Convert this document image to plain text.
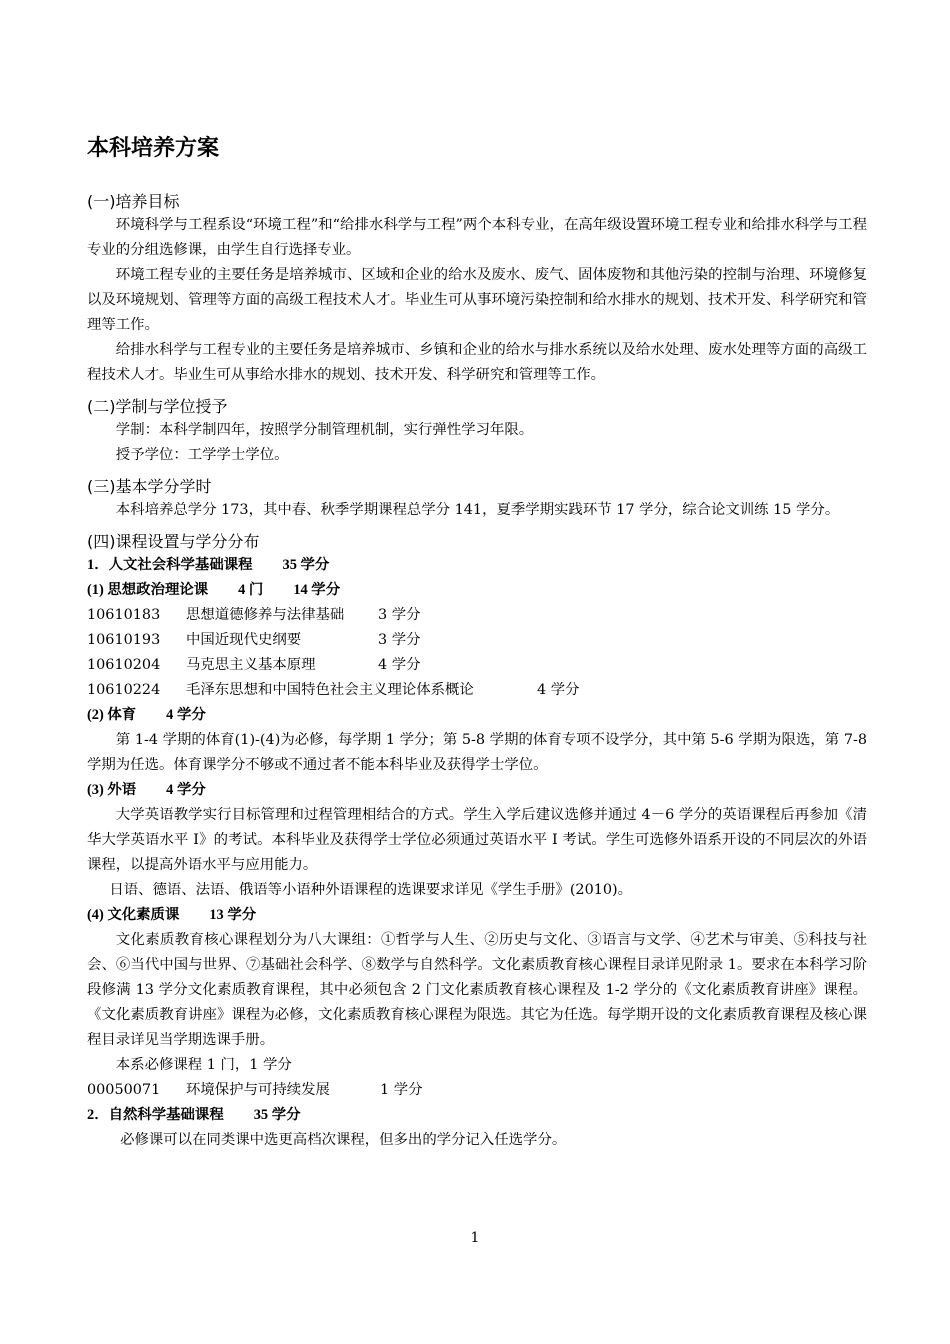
本科培养方案
(一)培养目标

环境科学与工程系设“环境工程”和“给排水科学与工程”两个本科专业，在高年级设置环境工程专业和给排水科学与工程专业的分组选修课，由学生自行选择专业。

环境工程专业的主要任务是培养城市、区域和企业的给水及废水、废气、固体废物和其他污染的控制与治理、环境修复以及环境规划、管理等方面的高级工程技术人才。毕业生可从事环境污染控制和给水排水的规划、技术开发、科学研究和管理等工作。

给排水科学与工程专业的主要任务是培养城市、乡镇和企业的给水与排水系统以及给水处理、废水处理等方面的高级工程技术人才。毕业生可从事给水排水的规划、技术开发、科学研究和管理等工作。

(二)学制与学位授予

学制：本科学制四年，按照学分制管理机制，实行弹性学习年限。

授予学位：工学学士学位。

(三)基本学分学时

本科培养总学分 173，其中春、秋季学期课程总学分 141，夏季学期实践环节 17 学分，综合论文训练 15 学分。

(四)课程设置与学分分布

1．人文社会科学基础课程 35 学分

(1) 思想政治理论课 4 门 14 学分

10610183	思想道德修养与法律基础	3 学分
10610193	中国近现代史纲要	3 学分
10610204	马克思主义基本原理	4 学分
10610224	毛泽东思想和中国特色社会主义理论体系概论	4 学分

(2) 体育 4 学分

第 1-4 学期的体育(1)-(4)为必修，每学期 1 学分；第 5-8 学期的体育专项不设学分，其中第 5-6 学期为限选，第 7-8 学期为任选。体育课学分不够或不通过者不能本科毕业及获得学士学位。

(3) 外语 4 学分

大学英语教学实行目标管理和过程管理相结合的方式。学生入学后建议选修并通过 4－6 学分的英语课程后再参加《清华大学英语水平 I》的考试。本科毕业及获得学士学位必须通过英语水平 I 考试。学生可选修外语系开设的不同层次的外语课程，以提高外语水平与应用能力。

日语、德语、法语、俄语等小语种外语课程的选课要求详见《学生手册》(2010)。

(4) 文化素质课 13 学分

文化素质教育核心课程划分为八大课组：①哲学与人生、②历史与文化、③语言与文学、④艺术与审美、⑤科技与社会、⑥当代中国与世界、⑦基础社会科学、⑧数学与自然科学。文化素质教育核心课程目录详见附录 1。要求在本科学习阶段修满 13 学分文化素质教育课程，其中必须包含 2 门文化素质教育核心课程及 1-2 学分的《文化素质教育讲座》课程。《文化素质教育讲座》课程为必修，文化素质教育核心课程为限选。其它为任选。每学期开设的文化素质教育课程及核心课程目录详见当学期选课手册。

本系必修课程 1 门，1 学分

00050071	环境保护与可持续发展	1 学分

2．自然科学基础课程 35 学分

必修课可以在同类课中选更高档次课程，但多出的学分记入任选学分。

1
